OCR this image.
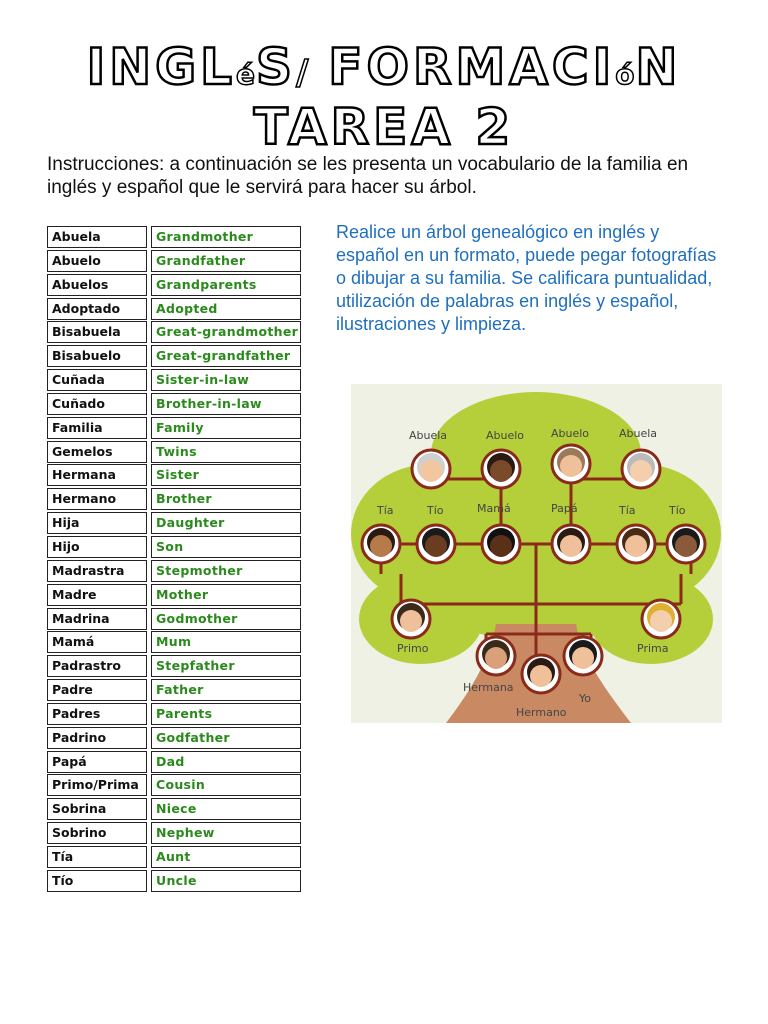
INGLéS/ FORMACIóN
TAREA 2
Instrucciones: a continuación se les presenta un vocabulario de la familia en inglés y español que le servirá para hacer su árbol.
Abuela	Grandmother
Abuelo	Grandfather
Abuelos	Grandparents
Adoptado	Adopted
Bisabuela	Great-grandmother
Bisabuelo	Great-grandfather
Cuñada	Sister-in-law
Cuñado	Brother-in-law
Familia	Family
Gemelos	Twins
Hermana	Sister
Hermano	Brother
Hija	Daughter
Hijo	Son
Madrastra	Stepmother
Madre	Mother
Madrina	Godmother
Mamá	Mum
Padrastro	Stepfather
Padre	Father
Padres	Parents
Padrino	Godfather
Papá	Dad
Primo/Prima	Cousin
Sobrina	Niece
Sobrino	Nephew
Tía	Aunt
Tío	Uncle
Realice un árbol genealógico en inglés y español en un formato, puede pegar fotografías o dibujar a su familia. Se calificara puntualidad, utilización de palabras en inglés y español, ilustraciones y limpieza.
Abuela	Abuelo Abuelo	Abuela
Tía	Tío	Mamá	Papá	Tía	Tío
Primo	Prima
Hermana
Hermano
Yo
